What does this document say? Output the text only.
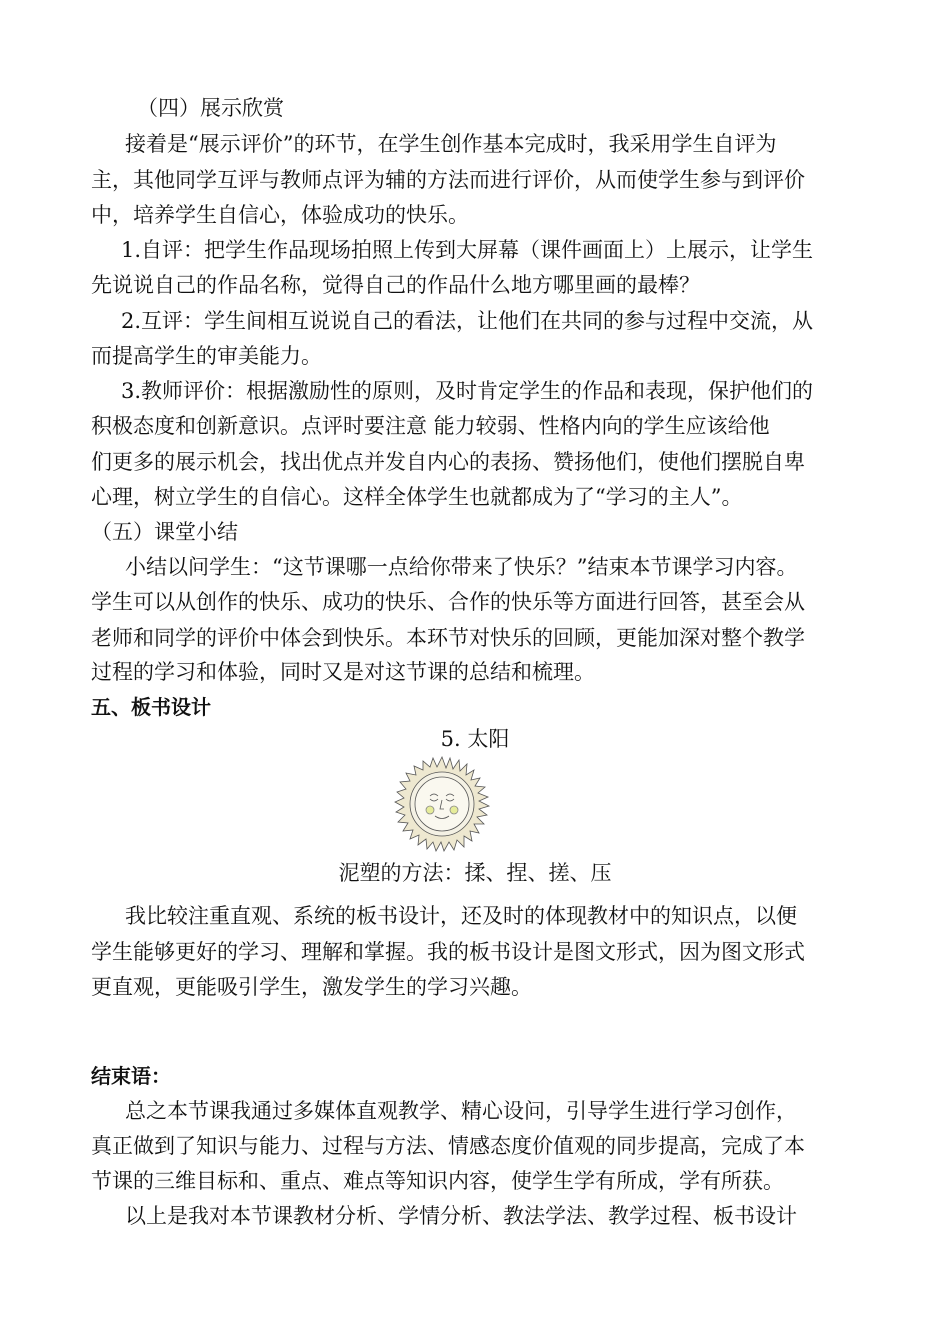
（四）展示欣赏
接着是“展示评价”的环节，在学生创作基本完成时，我采用学生自评为
主，其他同学互评与教师点评为辅的方法而进行评价，从而使学生参与到评价
中，培养学生自信心，体验成功的快乐。
1.自评：把学生作品现场拍照上传到大屏幕（课件画面上）上展示，让学生
先说说自己的作品名称，觉得自己的作品什么地方哪里画的最棒？
2.互评：学生间相互说说自己的看法，让他们在共同的参与过程中交流，从
而提高学生的审美能力。
3.教师评价：根据激励性的原则，及时肯定学生的作品和表现，保护他们的
积极态度和创新意识。点评时要注意 能力较弱、性格内向的学生应该给他
们更多的展示机会，找出优点并发自内心的表扬、赞扬他们，使他们摆脱自卑
心理，树立学生的自信心。这样全体学生也就都成为了“学习的主人”。
（五）课堂小结
小结以问学生：“这节课哪一点给你带来了快乐？”结束本节课学习内容。
学生可以从创作的快乐、成功的快乐、合作的快乐等方面进行回答，甚至会从
老师和同学的评价中体会到快乐。本环节对快乐的回顾，更能加深对整个教学
过程的学习和体验，同时又是对这节课的总结和梳理。
五、板书设计
5. 太阳
泥塑的方法：揉、捏、搓、压
我比较注重直观、系统的板书设计，还及时的体现教材中的知识点，以便
学生能够更好的学习、理解和掌握。我的板书设计是图文形式，因为图文形式
更直观，更能吸引学生，激发学生的学习兴趣。
结束语：
总之本节课我通过多媒体直观教学、精心设问，引导学生进行学习创作，
真正做到了知识与能力、过程与方法、情感态度价值观的同步提高，完成了本
节课的三维目标和、重点、难点等知识内容，使学生学有所成，学有所获。
以上是我对本节课教材分析、学情分析、教法学法、教学过程、板书设计
